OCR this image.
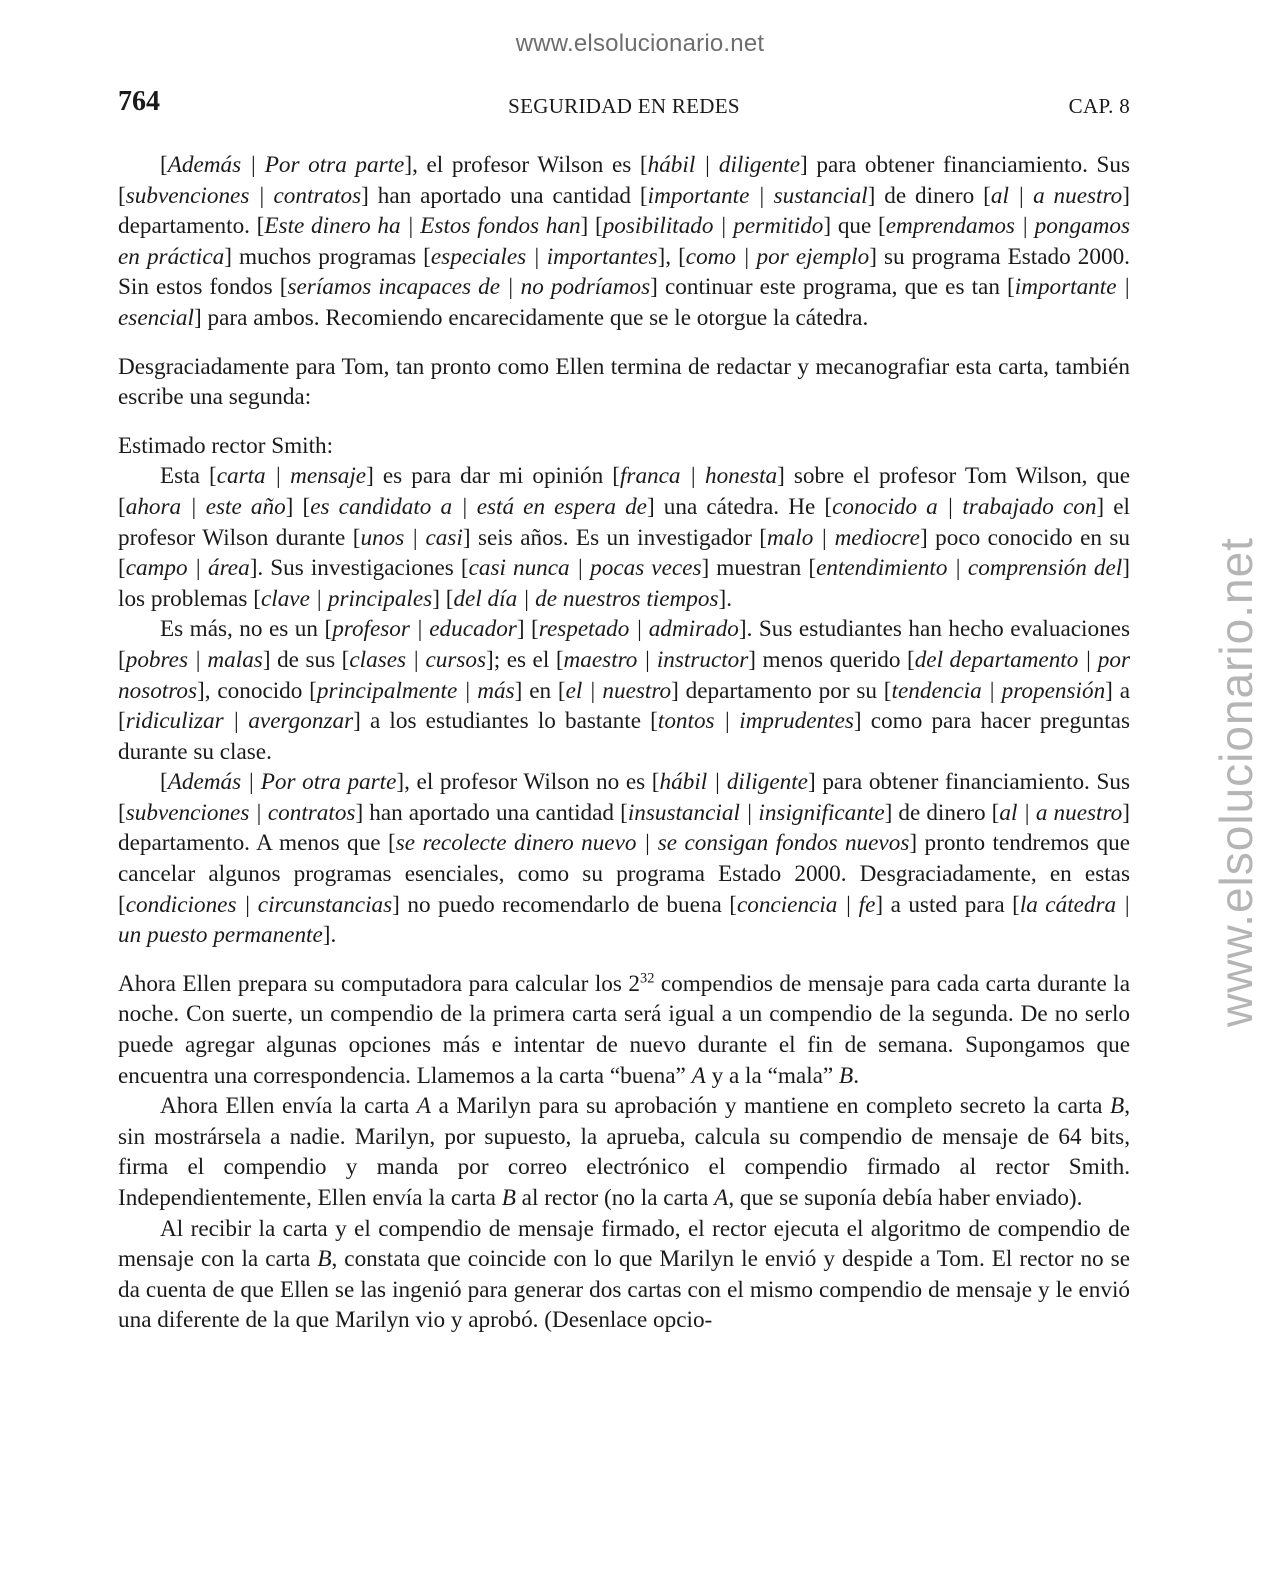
www.elsolucionario.net
www.elsolucionario.net
764	SEGURIDAD EN REDES	CAP. 8

[Además | Por otra parte], el profesor Wilson es [hábil | diligente] para obtener financiamiento. Sus [subvenciones | contratos] han aportado una cantidad [importante | sustancial] de dinero [al | a nuestro] departamento. [Este dinero ha | Estos fondos han] [posibilitado | permitido] que [emprendamos | pongamos en práctica] muchos programas [especiales | importantes], [como | por ejemplo] su programa Estado 2000. Sin estos fondos [seríamos incapaces de | no podríamos] continuar este programa, que es tan [importante | esencial] para ambos. Recomiendo encarecidamente que se le otorgue la cátedra.

Desgraciadamente para Tom, tan pronto como Ellen termina de redactar y mecanografiar esta carta, también escribe una segunda:

Estimado rector Smith:

Esta [carta | mensaje] es para dar mi opinión [franca | honesta] sobre el profesor Tom Wilson, que [ahora | este año] [es candidato a | está en espera de] una cátedra. He [conocido a | trabajado con] el profesor Wilson durante [unos | casi] seis años. Es un investigador [malo | mediocre] poco conocido en su [campo | área]. Sus investigaciones [casi nunca | pocas veces] muestran [entendimiento | comprensión del] los problemas [clave | principales] [del día | de nuestros tiempos].

Es más, no es un [profesor | educador] [respetado | admirado]. Sus estudiantes han hecho evaluaciones [pobres | malas] de sus [clases | cursos]; es el [maestro | instructor] menos querido [del departamento | por nosotros], conocido [principalmente | más] en [el | nuestro] departamento por su [tendencia | propensión] a [ridiculizar | avergonzar] a los estudiantes lo bastante [tontos | imprudentes] como para hacer preguntas durante su clase.

[Además | Por otra parte], el profesor Wilson no es [hábil | diligente] para obtener financiamiento. Sus [subvenciones | contratos] han aportado una cantidad [insustancial | insignificante] de dinero [al | a nuestro] departamento. A menos que [se recolecte dinero nuevo | se consigan fondos nuevos] pronto tendremos que cancelar algunos programas esenciales, como su programa Estado 2000. Desgraciadamente, en estas [condiciones | circunstancias] no puedo recomendarlo de buena [conciencia | fe] a usted para [la cátedra | un puesto permanente].

Ahora Ellen prepara su computadora para calcular los $2^{32}$ compendios de mensaje para cada carta durante la noche. Con suerte, un compendio de la primera carta será igual a un compendio de la segunda. De no serlo puede agregar algunas opciones más e intentar de nuevo durante el fin de semana. Supongamos que encuentra una correspondencia. Llamemos a la carta “buena” A y a la “mala” B.

Ahora Ellen envía la carta A a Marilyn para su aprobación y mantiene en completo secreto la carta B, sin mostrársela a nadie. Marilyn, por supuesto, la aprueba, calcula su compendio de mensaje de 64 bits, firma el compendio y manda por correo electrónico el compendio firmado al rector Smith. Independientemente, Ellen envía la carta B al rector (no la carta A, que se suponía debía haber enviado).

Al recibir la carta y el compendio de mensaje firmado, el rector ejecuta el algoritmo de compendio de mensaje con la carta B, constata que coincide con lo que Marilyn le envió y despide a Tom. El rector no se da cuenta de que Ellen se las ingenió para generar dos cartas con el mismo compendio de mensaje y le envió una diferente de la que Marilyn vio y aprobó. (Desenlace opcio-
